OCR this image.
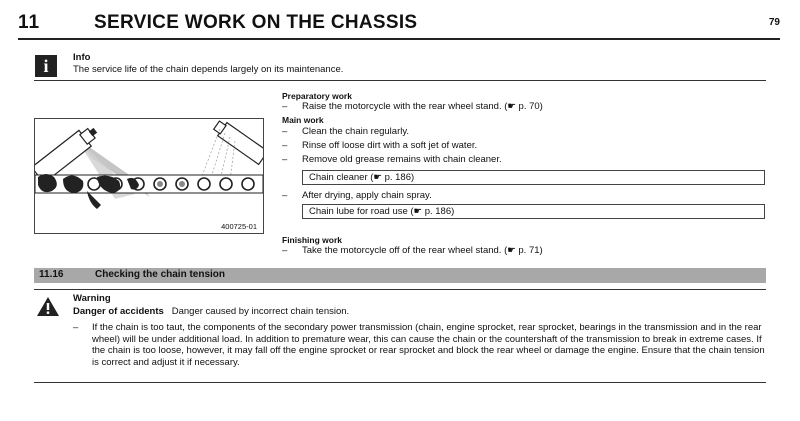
11	SERVICE WORK ON THE CHASSIS	79
i	Info
The service life of the chain depends largely on its maintenance.
400725-01
Preparatory work
– Raise the motorcycle with the rear wheel stand. (☛ p. 70)
Main work
– Clean the chain regularly.
– Rinse off loose dirt with a soft jet of water.
– Remove old grease remains with chain cleaner.
Chain cleaner (☛ p. 186)
– After drying, apply chain spray.
Chain lube for road use (☛ p. 186)
Finishing work
– Take the motorcycle off of the rear wheel stand. (☛ p. 71)
11.16	Checking the chain tension
Warning
Danger of accidents Danger caused by incorrect chain tension.
– If the chain is too taut, the components of the secondary power transmission (chain, engine sprocket, rear sprocket, bearings in the transmission and in the rear wheel) will be under additional load. In addition to premature wear, this can cause the chain or the countershaft of the transmission to break in extreme cases. If the chain is too loose, however, it may fall off the engine sprocket or rear sprocket and block the rear wheel or damage the engine. Ensure that the chain tension is correct and adjust it if necessary.
